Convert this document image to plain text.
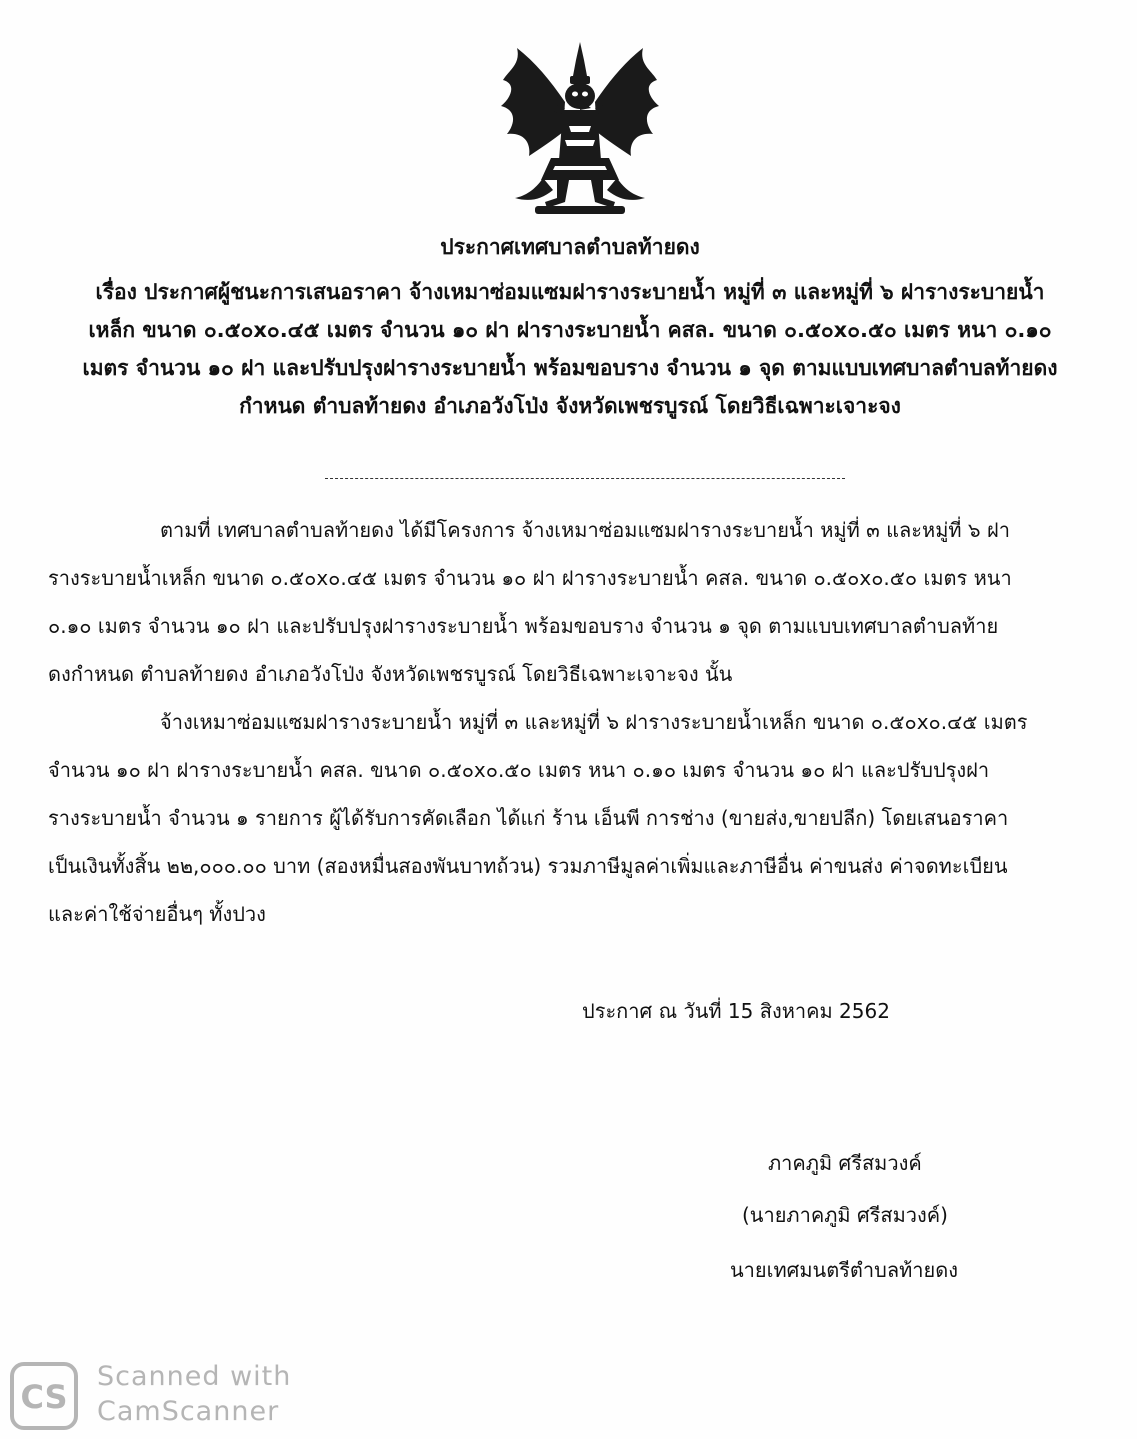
ประกาศเทศบาลตำบลท้ายดง
เรื่อง ประกาศผู้ชนะการเสนอราคา จ้างเหมาซ่อมแซมฝารางระบายน้ำ หมู่ที่ ๓ และหมู่ที่ ๖ ฝารางระบายน้ำ
เหล็ก ขนาด ๐.๕๐x๐.๔๕ เมตร จำนวน ๑๐ ฝา ฝารางระบายน้ำ คสล. ขนาด ๐.๕๐x๐.๕๐ เมตร หนา ๐.๑๐
เมตร จำนวน ๑๐ ฝา และปรับปรุงฝารางระบายน้ำ พร้อมขอบราง จำนวน ๑ จุด ตามแบบเทศบาลตำบลท้ายดง
กำหนด ตำบลท้ายดง อำเภอวังโป่ง จังหวัดเพชรบูรณ์ โดยวิธีเฉพาะเจาะจง
ตามที่ เทศบาลตำบลท้ายดง ได้มีโครงการ จ้างเหมาซ่อมแซมฝารางระบายน้ำ หมู่ที่ ๓ และหมู่ที่ ๖ ฝา
รางระบายน้ำเหล็ก ขนาด ๐.๕๐x๐.๔๕ เมตร จำนวน ๑๐ ฝา ฝารางระบายน้ำ คสล. ขนาด ๐.๕๐x๐.๕๐ เมตร หนา
๐.๑๐ เมตร จำนวน ๑๐ ฝา และปรับปรุงฝารางระบายน้ำ พร้อมขอบราง จำนวน ๑ จุด ตามแบบเทศบาลตำบลท้าย
ดงกำหนด ตำบลท้ายดง อำเภอวังโป่ง จังหวัดเพชรบูรณ์ โดยวิธีเฉพาะเจาะจง นั้น
จ้างเหมาซ่อมแซมฝารางระบายน้ำ หมู่ที่ ๓ และหมู่ที่ ๖ ฝารางระบายน้ำเหล็ก ขนาด ๐.๕๐x๐.๔๕ เมตร
จำนวน ๑๐ ฝา ฝารางระบายน้ำ คสล. ขนาด ๐.๕๐x๐.๕๐ เมตร หนา ๐.๑๐ เมตร จำนวน ๑๐ ฝา และปรับปรุงฝา
รางระบายน้ำ จำนวน ๑ รายการ ผู้ได้รับการคัดเลือก ได้แก่ ร้าน เอ็นพี การช่าง (ขายส่ง,ขายปลีก) โดยเสนอราคา
เป็นเงินทั้งสิ้น ๒๒,๐๐๐.๐๐ บาท (สองหมื่นสองพันบาทถ้วน) รวมภาษีมูลค่าเพิ่มและภาษีอื่น ค่าขนส่ง ค่าจดทะเบียน
และค่าใช้จ่ายอื่นๆ ทั้งปวง
ประกาศ ณ วันที่ 15 สิงหาคม 2562
ภาคภูมิ ศรีสมวงค์
(นายภาคภูมิ ศรีสมวงค์)
นายเทศมนตรีตำบลท้ายดง
CS
Scanned with
CamScanner
